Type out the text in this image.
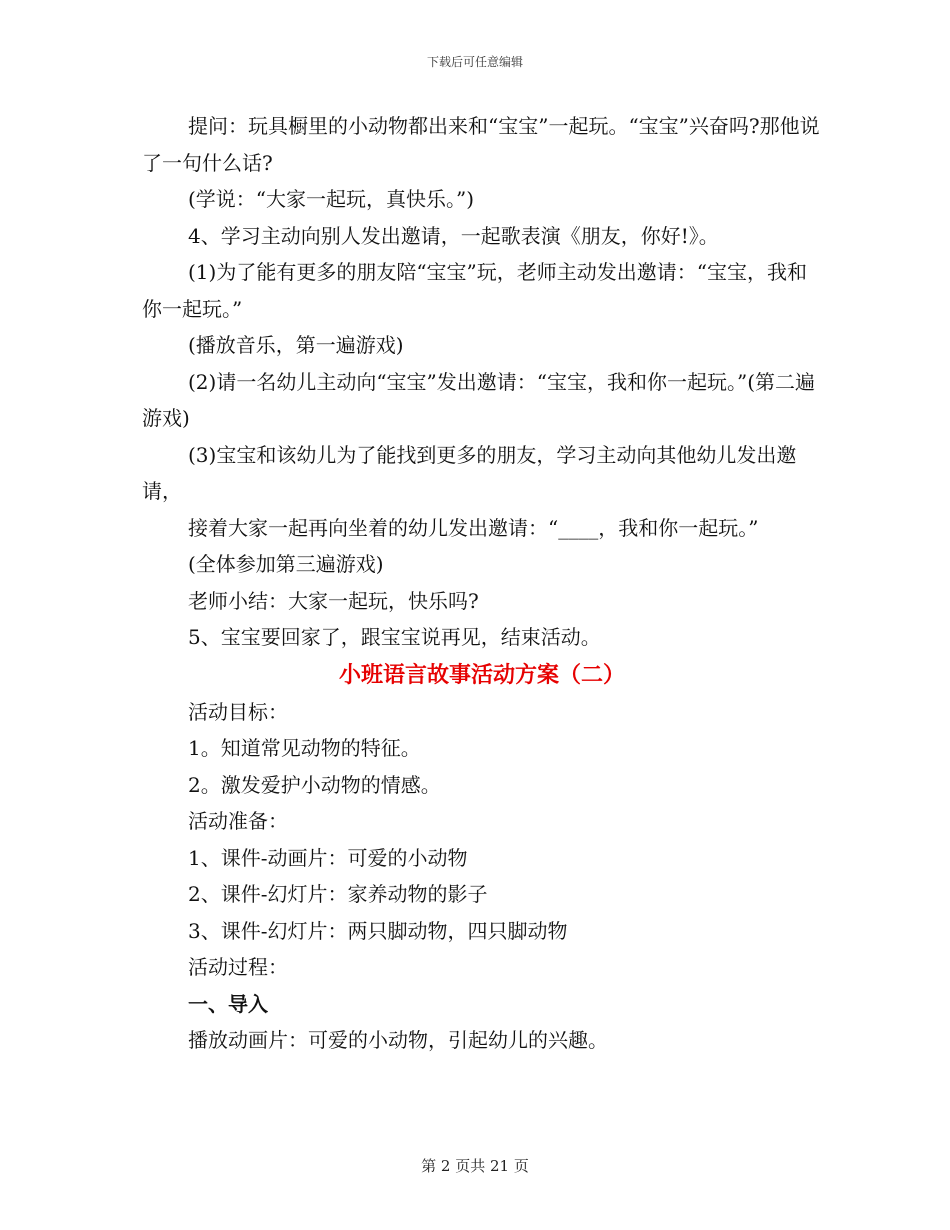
下载后可任意编辑

提问：玩具橱里的小动物都出来和“宝宝”一起玩。“宝宝”兴奋吗?那他说了一句什么话?

(学说：“大家一起玩，真快乐。”)

4、学习主动向别人发出邀请，一起歌表演《朋友，你好!》。

(1)为了能有更多的朋友陪“宝宝”玩，老师主动发出邀请：“宝宝，我和你一起玩。”

(播放音乐，第一遍游戏)

(2)请一名幼儿主动向“宝宝”发出邀请：“宝宝，我和你一起玩。”(第二遍游戏)

(3)宝宝和该幼儿为了能找到更多的朋友，学习主动向其他幼儿发出邀请，

接着大家一起再向坐着的幼儿发出邀请：“____，我和你一起玩。”

(全体参加第三遍游戏)

老师小结：大家一起玩，快乐吗?

5、宝宝要回家了，跟宝宝说再见，结束活动。

小班语言故事活动方案（二）

活动目标：

1。知道常见动物的特征。

2。激发爱护小动物的情感。

活动准备：

1、课件-动画片：可爱的小动物

2、课件-幻灯片：家养动物的影子

3、课件-幻灯片：两只脚动物，四只脚动物

活动过程：

一、导入

播放动画片：可爱的小动物，引起幼儿的兴趣。

第 2 页共 21 页
